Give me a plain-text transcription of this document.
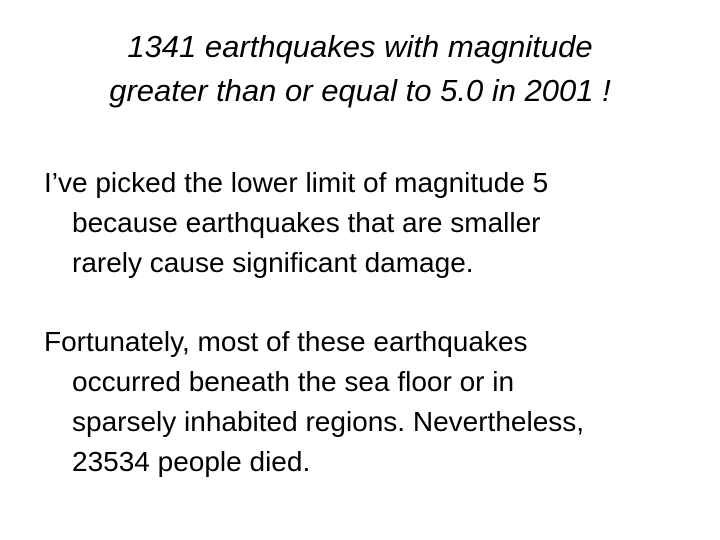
1341 earthquakes with magnitude
greater than or equal to 5.0 in 2001 !

I’ve picked the lower limit of magnitude 5
because earthquakes that are smaller
rarely cause significant damage.

Fortunately, most of these earthquakes
occurred beneath the sea floor or in
sparsely inhabited regions. Nevertheless,
23534 people died.
